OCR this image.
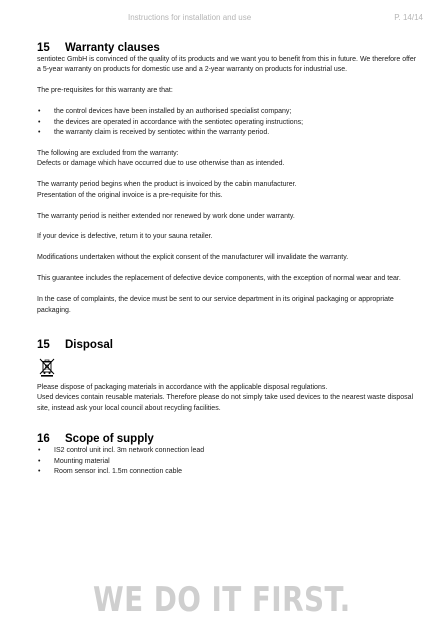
Instructions for installation and use	P. 14/14
15	Warranty clauses

sentiotec GmbH is convinced of the quality of its products and we want you to benefit from this in future. We therefore offer a 5-year warranty on products for domestic use and a 2-year warranty on products for industrial use.

The pre-requisites for this warranty are that:

• the control devices have been installed by an authorised specialist company;
• the devices are operated in accordance with the sentiotec operating instructions;
• the warranty claim is received by sentiotec within the warranty period.

The following are excluded from the warranty:

Defects or damage which have occurred due to use otherwise than as intended.

The warranty period begins when the product is invoiced by the cabin manufacturer.

Presentation of the original invoice is a pre-requisite for this.

The warranty period is neither extended nor renewed by work done under warranty.

If your device is defective, return it to your sauna retailer.

Modifications undertaken without the explicit consent of the manufacturer will invalidate the warranty.

This guarantee includes the replacement of defective device components, with the exception of normal wear and tear.

In the case of complaints, the device must be sent to our service department in its original packaging or appropriate packaging.

15	Disposal

Please dispose of packaging materials in accordance with the applicable disposal regulations.

Used devices contain reusable materials. Therefore please do not simply take used devices to the nearest waste disposal site, instead ask your local council about recycling facilities.

16	Scope of supply
• IS2 control unit incl. 3m network connection lead
• Mounting material
• Room sensor incl. 1.5m connection cable
WE DO IT FIRST.
